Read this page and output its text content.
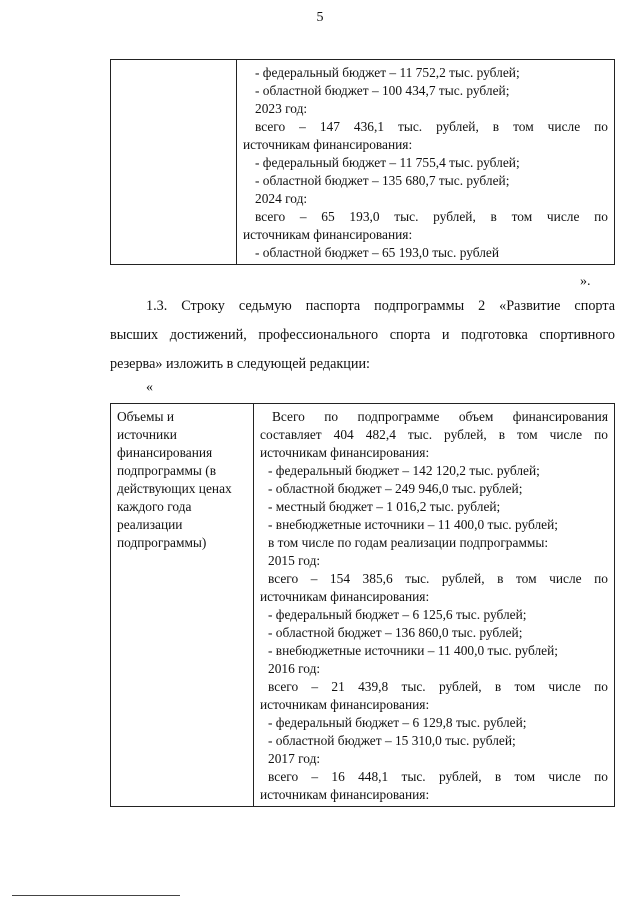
5

- федеральный бюджет – 11 752,2 тыс. рублей;
- областной бюджет – 100 434,7 тыс. рублей;
2023 год:
всего – 147 436,1 тыс. рублей, в том числе по
источникам финансирования:
- федеральный бюджет – 11 755,4 тыс. рублей;
- областной бюджет – 135 680,7 тыс. рублей;
2024 год:
всего – 65 193,0 тыс. рублей, в том числе по
источникам финансирования:
- областной бюджет – 65 193,0 тыс. рублей
».
1.3. Строку седьмую паспорта подпрограммы 2 «Развитие спорта
высших достижений, профессионального спорта и подготовка спортивного
резерва» изложить в следующей редакции:
«
Объемы и
источники
финансирования
подпрограммы (в
действующих ценах
каждого года
реализации
подпрограммы)

Всего по подпрограмме объем финансирования
составляет 404 482,4 тыс. рублей, в том числе по
источникам финансирования:
- федеральный бюджет – 142 120,2 тыс. рублей;
- областной бюджет – 249 946,0 тыс. рублей;
- местный бюджет – 1 016,2 тыс. рублей;
- внебюджетные источники – 11 400,0 тыс. рублей;
в том числе по годам реализации подпрограммы:
2015 год:
всего – 154 385,6 тыс. рублей, в том числе по
источникам финансирования:
- федеральный бюджет – 6 125,6 тыс. рублей;
- областной бюджет – 136 860,0 тыс. рублей;
- внебюджетные источники – 11 400,0 тыс. рублей;
2016 год:
всего – 21 439,8 тыс. рублей, в том числе по
источникам финансирования:
- федеральный бюджет – 6 129,8 тыс. рублей;
- областной бюджет – 15 310,0 тыс. рублей;
2017 год:
всего – 16 448,1 тыс. рублей, в том числе по
источникам финансирования:
